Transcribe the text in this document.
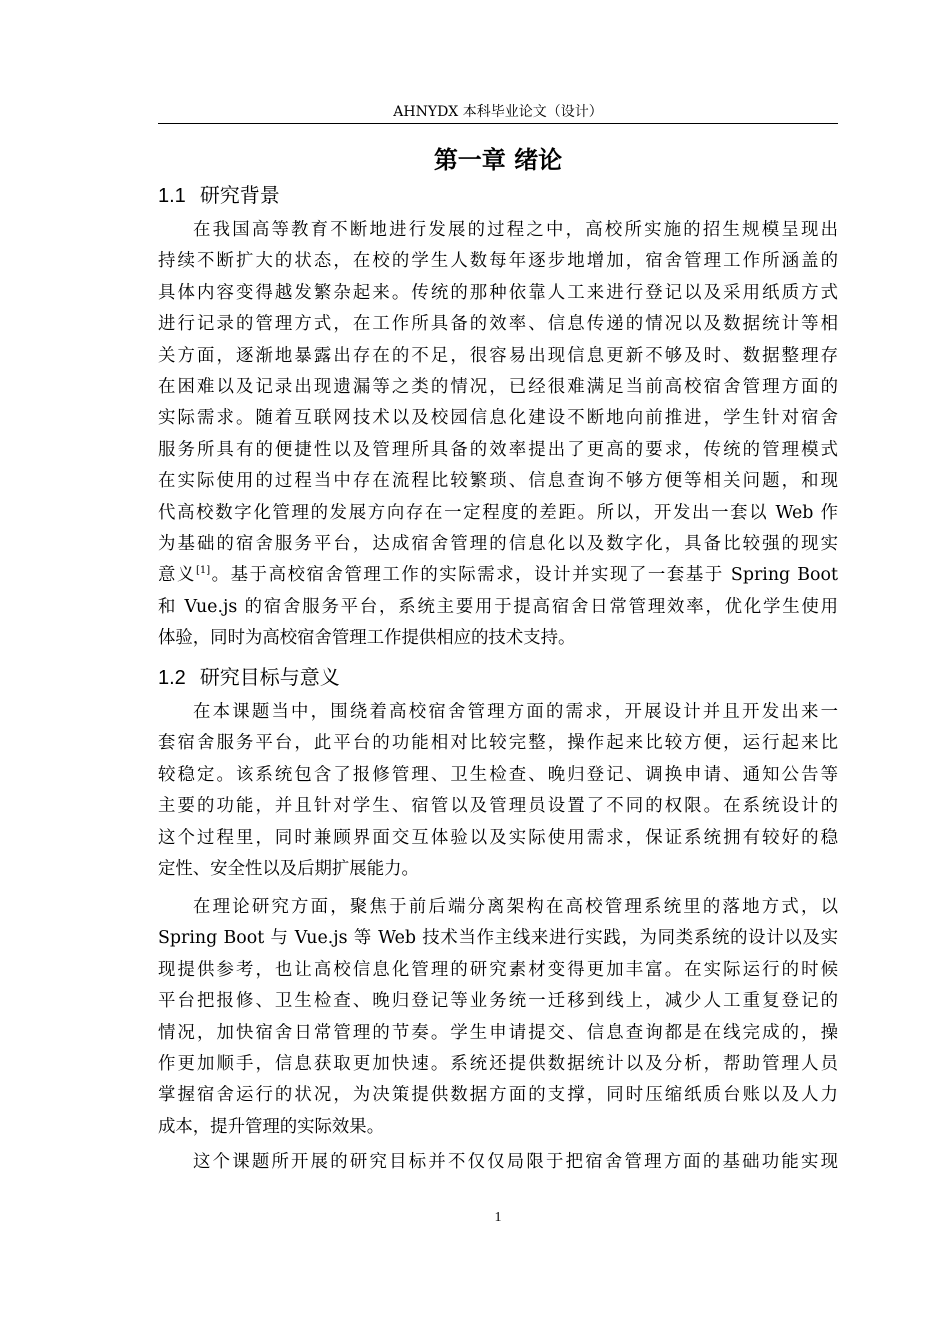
AHNYDX 本科毕业论文（设计）
第一章 绪论
1.1 研究背景
在我国高等教育不断地进行发展的过程之中，高校所实施的招生规模呈现出
持续不断扩大的状态，在校的学生人数每年逐步地增加，宿舍管理工作所涵盖的
具体内容变得越发繁杂起来。传统的那种依靠人工来进行登记以及采用纸质方式
进行记录的管理方式，在工作所具备的效率、信息传递的情况以及数据统计等相
关方面，逐渐地暴露出存在的不足，很容易出现信息更新不够及时、数据整理存
在困难以及记录出现遗漏等之类的情况，已经很难满足当前高校宿舍管理方面的
实际需求。随着互联网技术以及校园信息化建设不断地向前推进，学生针对宿舍
服务所具有的便捷性以及管理所具备的效率提出了更高的要求，传统的管理模式
在实际使用的过程当中存在流程比较繁琐、信息查询不够方便等相关问题，和现
代高校数字化管理的发展方向存在一定程度的差距。所以，开发出一套以 Web 作
为基础的宿舍服务平台，达成宿舍管理的信息化以及数字化，具备比较强的现实
意义[1]。基于高校宿舍管理工作的实际需求，设计并实现了一套基于 Spring Boot
和 Vue.js 的宿舍服务平台，系统主要用于提高宿舍日常管理效率，优化学生使用
体验，同时为高校宿舍管理工作提供相应的技术支持。
1.2 研究目标与意义
在本课题当中，围绕着高校宿舍管理方面的需求，开展设计并且开发出来一
套宿舍服务平台，此平台的功能相对比较完整，操作起来比较方便，运行起来比
较稳定。该系统包含了报修管理、卫生检查、晚归登记、调换申请、通知公告等
主要的功能，并且针对学生、宿管以及管理员设置了不同的权限。在系统设计的
这个过程里，同时兼顾界面交互体验以及实际使用需求，保证系统拥有较好的稳
定性、安全性以及后期扩展能力。
在理论研究方面，聚焦于前后端分离架构在高校管理系统里的落地方式，以
Spring Boot 与 Vue.js 等 Web 技术当作主线来进行实践，为同类系统的设计以及实
现提供参考，也让高校信息化管理的研究素材变得更加丰富。在实际运行的时候
平台把报修、卫生检查、晚归登记等业务统一迁移到线上，减少人工重复登记的
情况，加快宿舍日常管理的节奏。学生申请提交、信息查询都是在线完成的，操
作更加顺手，信息获取更加快速。系统还提供数据统计以及分析，帮助管理人员
掌握宿舍运行的状况，为决策提供数据方面的支撑，同时压缩纸质台账以及人力
成本，提升管理的实际效果。
这个课题所开展的研究目标并不仅仅局限于把宿舍管理方面的基础功能实现
1
